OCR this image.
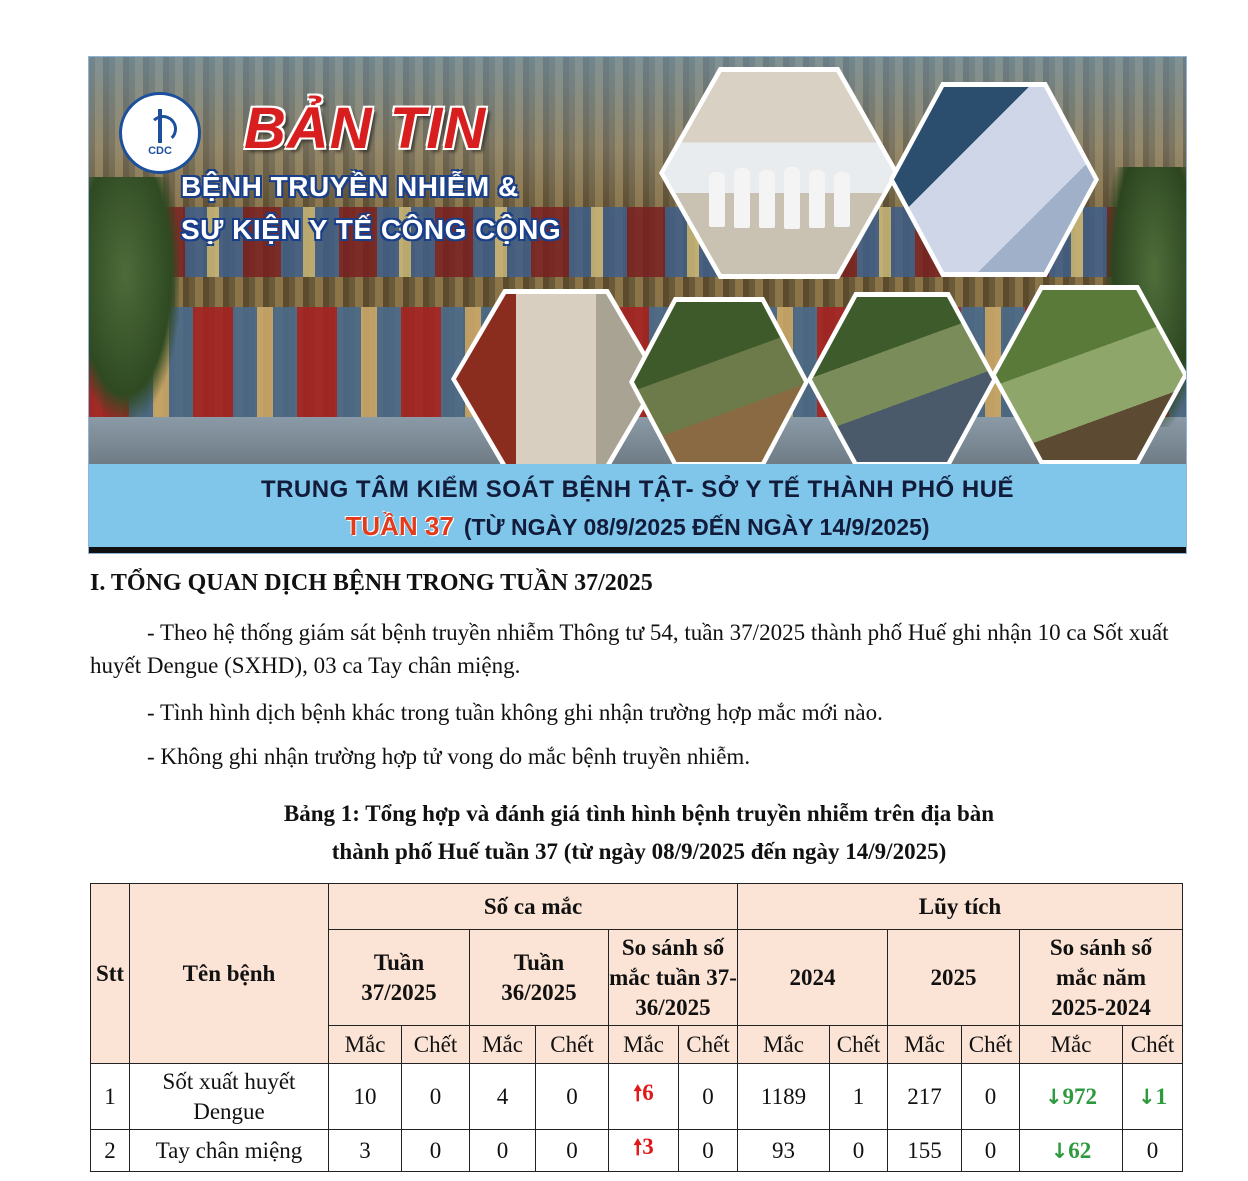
CDC BẢN TIN
BỆNH TRUYỀN NHIỄM &
SỰ KIỆN Y TẾ CÔNG CỘNG
TRUNG TÂM KIỂM SOÁT BỆNH TẬT- SỞ Y TẾ THÀNH PHỐ HUẾ
TUẦN 37 (TỪ NGÀY 08/9/2025 ĐẾN NGÀY 14/9/2025)
I. TỔNG QUAN DỊCH BỆNH TRONG TUẦN 37/2025
- Theo hệ thống giám sát bệnh truyền nhiễm Thông tư 54, tuần 37/2025 thành phố Huế ghi nhận 10 ca Sốt xuất huyết Dengue (SXHD), 03 ca Tay chân miệng.
- Tình hình dịch bệnh khác trong tuần không ghi nhận trường hợp mắc mới nào.
- Không ghi nhận trường hợp tử vong do mắc bệnh truyền nhiễm.
Bảng 1: Tổng hợp và đánh giá tình hình bệnh truyền nhiễm trên địa bàn
thành phố Huế tuần 37 (từ ngày 08/9/2025 đến ngày 14/9/2025)
Stt	Tên bệnh	Số ca mắc						Lũy tích					
		Tuần 37/2025		Tuần 36/2025		So sánh số mắc tuần 37-36/2025		2024		2025		So sánh số mắc năm 2025-2024	
		Mắc	Chết	Mắc	Chết	Mắc	Chết	Mắc	Chết	Mắc	Chết	Mắc	Chết
1	Sốt xuất huyết Dengue	10	0	4	0	🠕6	0	1189	1	217	0	↓972	↓1
2	Tay chân miệng	3	0	0	0	🠕3	0	93	0	155	0	↓62	0
